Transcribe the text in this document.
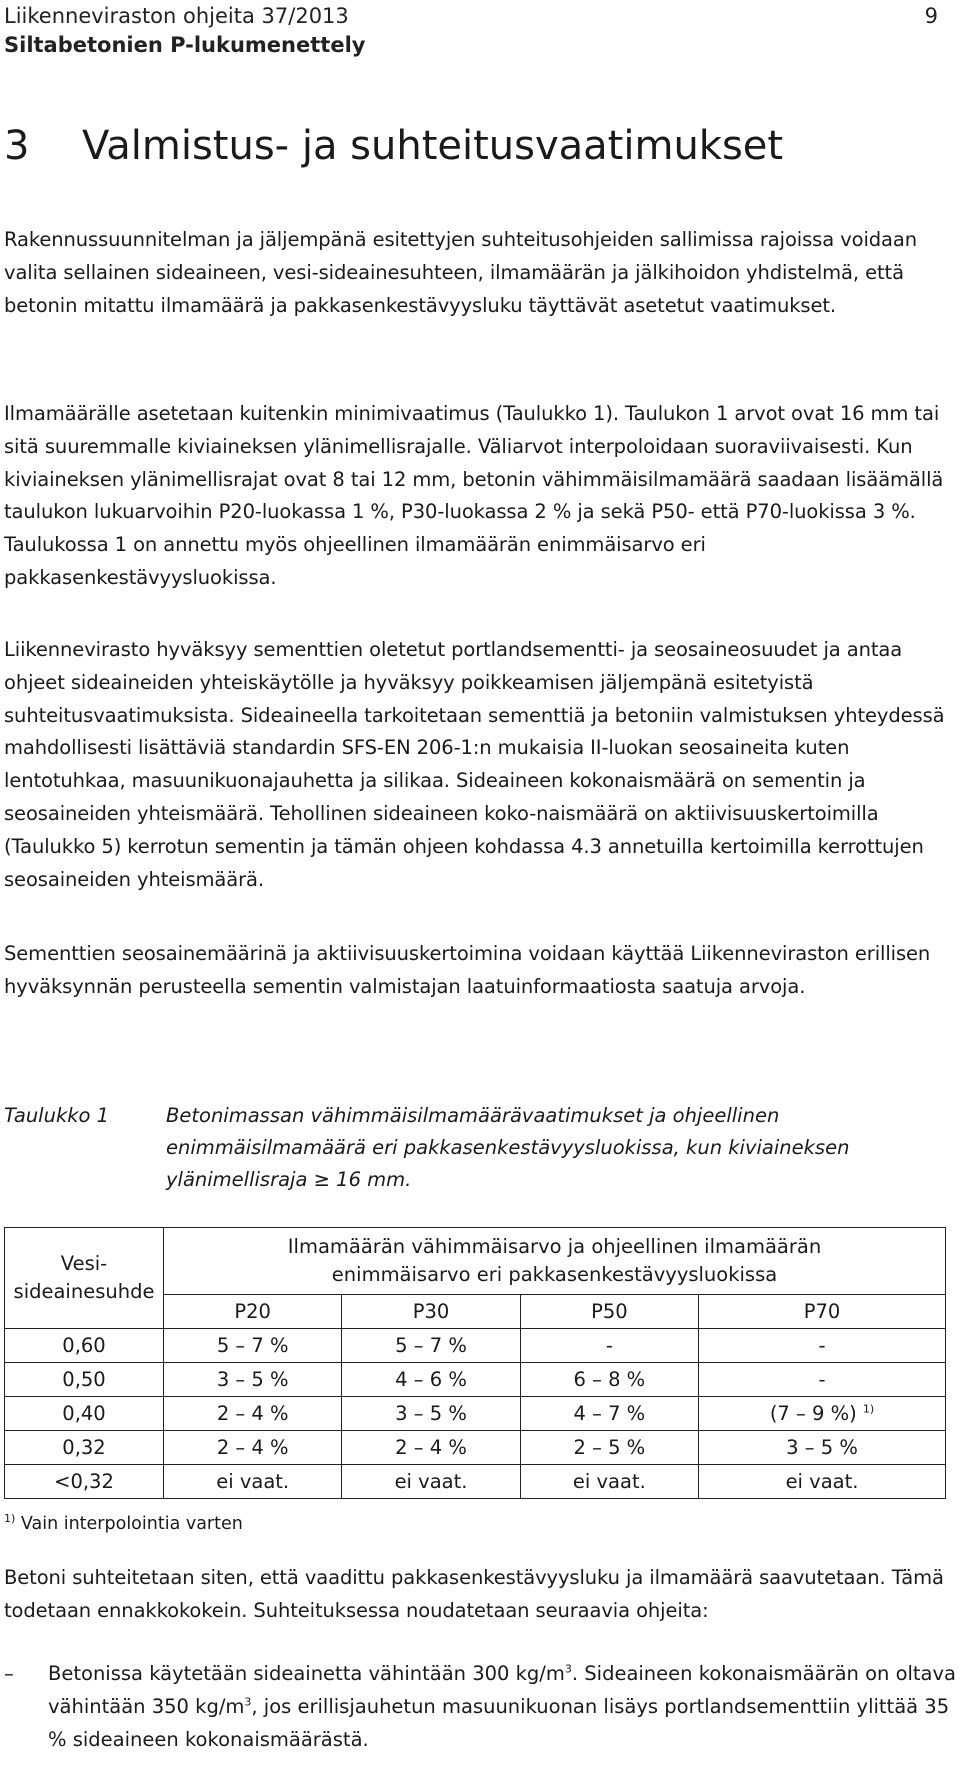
Liikenneviraston ohjeita 37/2013
Siltabetonien P-lukumenettely
9
3 Valmistus- ja suhteitusvaatimukset

Rakennussuunnitelman ja jäljempänä esitettyjen suhteitusohjeiden sallimissa rajoissa voidaan valita sellainen sideaineen, vesi-sideainesuhteen, ilmamäärän ja jälkihoidon yhdistelmä, että betonin mitattu ilmamäärä ja pakkasenkestävyysluku täyttävät asetetut vaatimukset.

Ilmamäärälle asetetaan kuitenkin minimivaatimus (Taulukko 1). Taulukon 1 arvot ovat 16 mm tai sitä suuremmalle kiviaineksen ylänimellisrajalle. Väliarvot interpoloidaan suoraviivaisesti. Kun kiviaineksen ylänimellisrajat ovat 8 tai 12 mm, betonin vähimmäisilmamäärä saadaan lisäämällä taulukon lukuarvoihin P20-luokassa 1 %, P30-luokassa 2 % ja sekä P50- että P70-luokissa 3 %. Taulukossa 1 on annettu myös ohjeellinen ilmamäärän enimmäisarvo eri pakkasenkestävyysluokissa.

Liikennevirasto hyväksyy sementtien oletetut portlandsementti- ja seosaineosuudet ja antaa ohjeet sideaineiden yhteiskäytölle ja hyväksyy poikkeamisen jäljempänä esitetyistä suhteitusvaatimuksista. Sideaineella tarkoitetaan sementtiä ja betoniin valmistuksen yhteydessä mahdollisesti lisättäviä standardin SFS-EN 206-1:n mukaisia II-luokan seosaineita kuten lentotuhkaa, masuunikuonajauhetta ja silikaa. Sideaineen kokonaismäärä on sementin ja seosaineiden yhteismäärä. Tehollinen sideaineen koko-naismäärä on aktiivisuuskertoimilla (Taulukko 5) kerrotun sementin ja tämän ohjeen kohdassa 4.3 annetuilla kertoimilla kerrottujen seosaineiden yhteismäärä.

Sementtien seosainemäärinä ja aktiivisuuskertoimina voidaan käyttää Liikenneviraston erillisen hyväksynnän perusteella sementin valmistajan laatuinformaatiosta saatuja arvoja.

Taulukko 1	Betonimassan vähimmäisilmamäärävaatimukset ja ohjeellinen enimmäisilmamäärä eri pakkasenkestävyysluokissa, kun kiviaineksen ylänimellisraja ≥ 16 mm.
Vesi-
sideainesuhde	Ilmamäärän vähimmäisarvo ja ohjeellinen ilmamäärän
enimmäisarvo eri pakkasenkestävyysluokissa			
	P20	P30	P50	P70
0,60	5 – 7 %	5 – 7 %	-	-
0,50	3 – 5 %	4 – 6 %	6 – 8 %	-
0,40	2 – 4 %	3 – 5 %	4 – 7 %	(7 – 9 %) $^{1)}$
0,32	2 – 4 %	2 – 4 %	2 – 5 %	3 – 5 %
<0,32	ei vaat.	ei vaat.	ei vaat.	ei vaat.
$^{1)}$ Vain interpolointia varten

Betoni suhteitetaan siten, että vaadittu pakkasenkestävyysluku ja ilmamäärä saavutetaan. Tämä todetaan ennakkokokein. Suhteituksessa noudatetaan seuraavia ohjeita:

– Betonissa käytetään sideainetta vähintään 300 $kg/m^3$. Sideaineen kokonaismäärän on oltava vähintään 350 $kg/m^3$, jos erillisjauhetun masuunikuonan lisäys portlandsementtiin ylittää 35 % sideaineen kokonaismäärästä.
